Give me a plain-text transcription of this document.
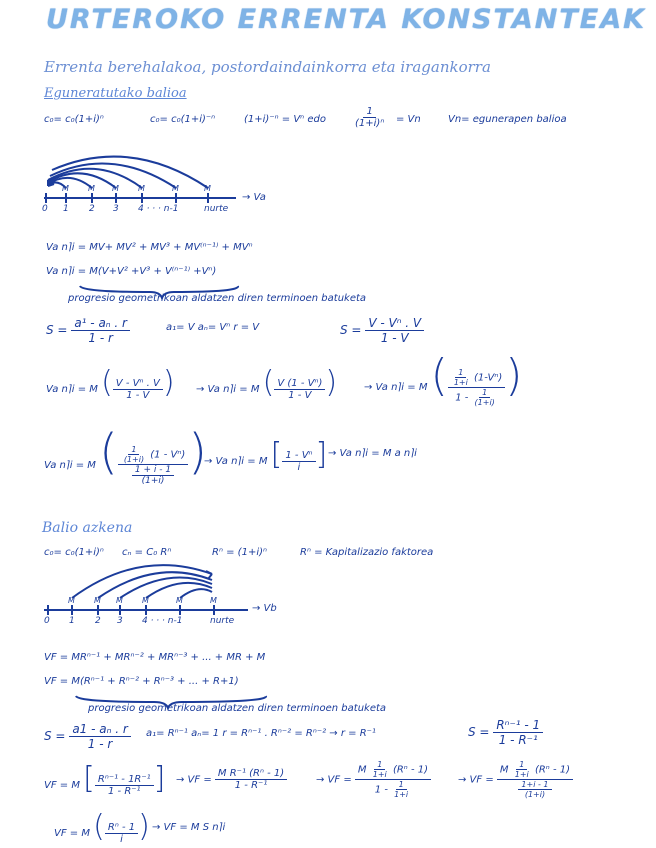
URTEROKO ERRENTA KONSTANTEAK
Errenta berehalakoa, postordaindainkorra eta iragankorra
Eguneratutako balioa
c₀= c₀(1+i)ⁿ	c₀= c₀(1+i)⁻ⁿ	(1+i)⁻ⁿ = Vⁿ edo	$\frac{1}{\text{(1+i)ⁿ}} = Vn$	Vn= egunerapen balioa
0 1 2 3 4 · · · n-1	nurte
M M M M	M	M
→ Va
Va n⌉i = MV+ MV² + MV³ + MV⁽ⁿ⁻¹⁾ + MVⁿ
Va n⌉i = M(V+V² +V³ + V⁽ⁿ⁻¹⁾ +Vⁿ)
progresio geometrikoan aldatzen diren terminoen batuketa
$S = \frac{\text{a¹ - aₙ . r}}{1 - r}$	a₁= V aₙ= Vⁿ r = V	$S = \frac{\text{V - Vⁿ . V}}{1 - V}$
Va n⌉i = M ( $\frac{\text{V - Vⁿ . V}}{1 - V}$ ) → Va n⌉i = M ( $\frac{\text{V (1 - Vⁿ)}}{1 - V}$ )	→ Va n⌉i = M ( $\frac{\frac{1}{1+i} (1-V^n)}{1 - \frac{1}{(1+i)}}$ )
Va n⌉i = M ( $\frac{\frac{1}{(1+i)} (1 - V^n)}{\frac{1 + i - 1}{(1+i)}}$ )
→ Va n⌉i = M [ $\frac{\text{1 - Vⁿ}}{i}$ ] → Va n⌉i = M a n⌉i
Balio azkena
c₀= c₀(1+i)ⁿ cₙ = C₀ Rⁿ	Rⁿ = (1+i)ⁿ	Rⁿ = Kapitalizazio faktorea
0 1 2 3 4 · · · n-1	nurte
M M M M	M	M
→ Vb
VF = MRⁿ⁻¹ + MRⁿ⁻² + MRⁿ⁻³ + ... + MR + M
VF = M(Rⁿ⁻¹ + Rⁿ⁻² + Rⁿ⁻³ + ... + R+1)
progresio geometrikoan aldatzen diren terminoen batuketa
$S = \frac{\text{a1 - aₙ . r}}{1 - r} a_1= R^{n-1}$ aₙ= 1 r = Rⁿ⁻¹ . Rⁿ⁻² = Rⁿ⁻² → r = R⁻¹	$S = \frac{\text{Rⁿ⁻¹ - 1}}{\text{1 - R⁻¹}}$
VF = M [ $\frac{\text{Rⁿ⁻¹ - 1R⁻¹}}{\text{1 - R⁻¹}}$ ] → VF = $\frac{\text{M R⁻¹ (Rⁿ - 1)}}{\text{1 - R⁻¹}}$	→ VF = $\frac{M \frac{1}{1+i} (R^n - 1)}{1 - \frac{1}{1+i}}$	→ VF = $\frac{M \frac{1}{1+i} (R^n - 1)}{\frac{1+i - 1}{(1+i)}}$
VF = M ( $\frac{\text{Rⁿ - 1}}{i}$ ) → VF = M S n⌉i
